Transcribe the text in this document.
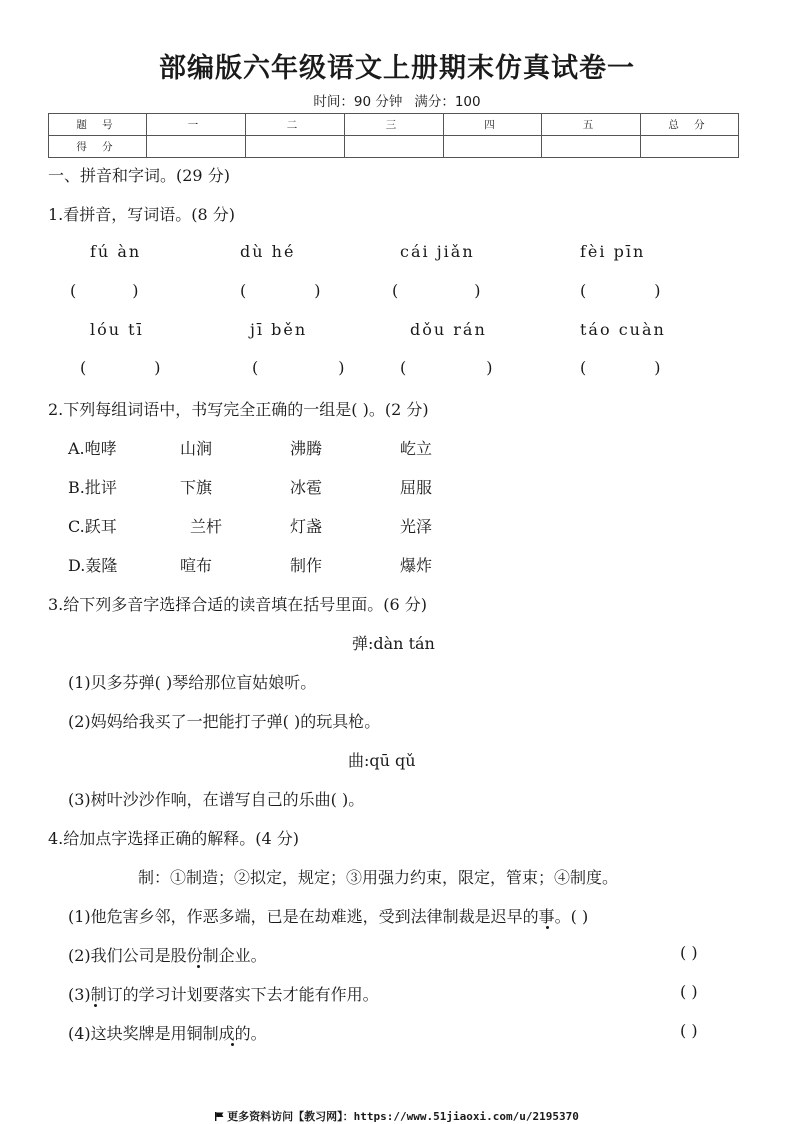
部编版六年级语文上册期末仿真试卷一
时间：90 分钟 满分：100
题 号	一	二	三	四	五	总 分
得 分						
一、拼音和字词。(29 分)
1.看拼音，写词语。(8 分)
fú àn	dù hé	cái jiǎn	fèi pīn
(	)	(	)	(	)	(	)
lóu tī	jī běn	dǒu rán	táo cuàn
(	)	(	)	(	)	(	)
2.下列每组词语中，书写完全正确的一组是( )。(2 分)
A.咆哮	山涧	沸腾	屹立
B.批评	下旗	冰雹	屈服
C.跃耳	兰杆	灯盏	光泽
D.轰隆	喧布	制作	爆炸
3.给下列多音字选择合适的读音填在括号里面。(6 分)
弹:dàn tán
(1)贝多芬弹( )琴给那位盲姑娘听。
(2)妈妈给我买了一把能打子弹( )的玩具枪。
曲:qū qǔ
(3)树叶沙沙作响，在谱写自己的乐曲( )。
4.给加点字选择正确的解释。(4 分)
制：①制造；②拟定，规定；③用强力约束，限定，管束；④制度。
(1)他危害乡邻，作恶多端，已是在劫难逃，受到法律制裁是迟早的事。( )
(2)我们公司是股份制企业。	( )
(3)制订的学习计划要落实下去才能有作用。	( )
(4)这块奖牌是用铜制成的。	( )
更多资料访问【教习网】：https://www.51jiaoxi.com/u/2195370
